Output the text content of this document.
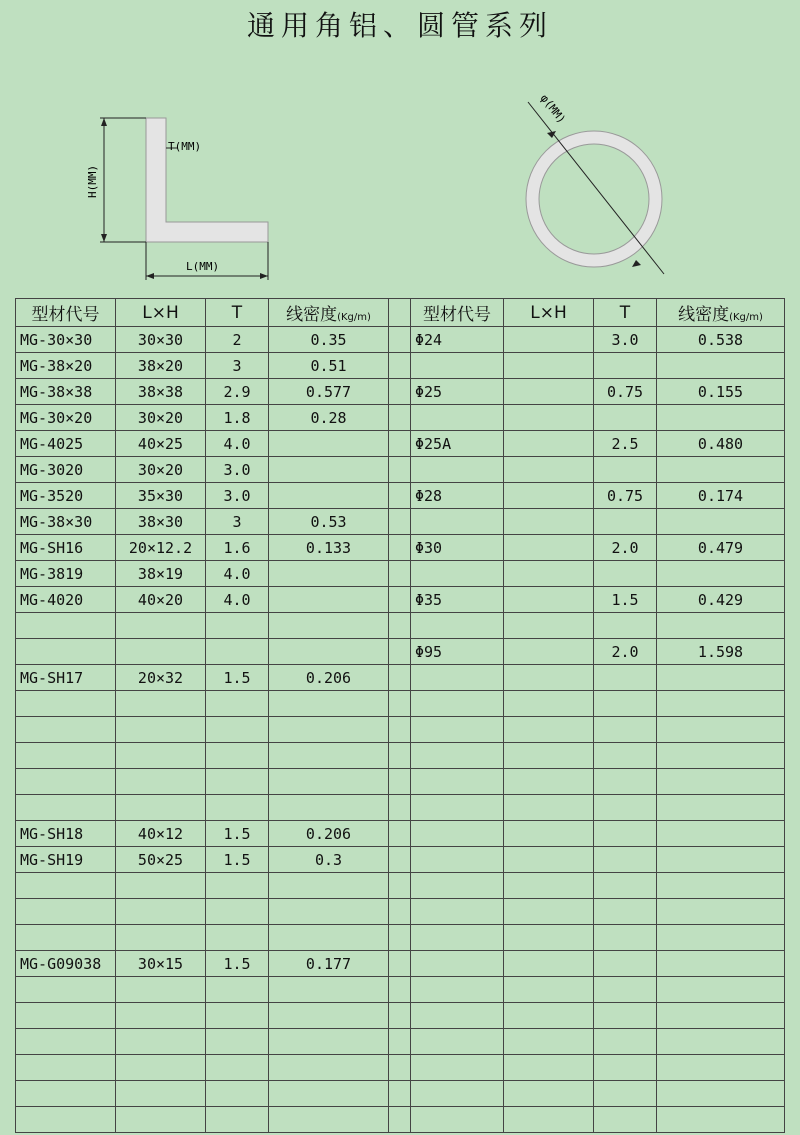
通用角铝、圆管系列
T(MM)
H(MM)
L(MM)
φ(MM)
型材代号	L×H	T	线密度(Kg/m)		型材代号	L×H	T	线密度(Kg/m)
MG-30×30	30×30	2	0.35		Φ24		3.0	0.538
MG-38×20	38×20	3	0.51					
MG-38×38	38×38	2.9	0.577		Φ25		0.75	0.155
MG-30×20	30×20	1.8	0.28					
MG-4025	40×25	4.0			Φ25A		2.5	0.480
MG-3020	30×20	3.0						
MG-3520	35×30	3.0			Φ28		0.75	0.174
MG-38×30	38×30	3	0.53					
MG-SH16	20×12.2	1.6	0.133		Φ30		2.0	0.479
MG-3819	38×19	4.0						
MG-4020	40×20	4.0			Φ35		1.5	0.429

					Φ95		2.0	1.598
MG-SH17	20×32	1.5	0.206					

MG-SH18	40×12	1.5	0.206					
MG-SH19	50×25	1.5	0.3					

MG-G09038	30×15	1.5	0.177					
